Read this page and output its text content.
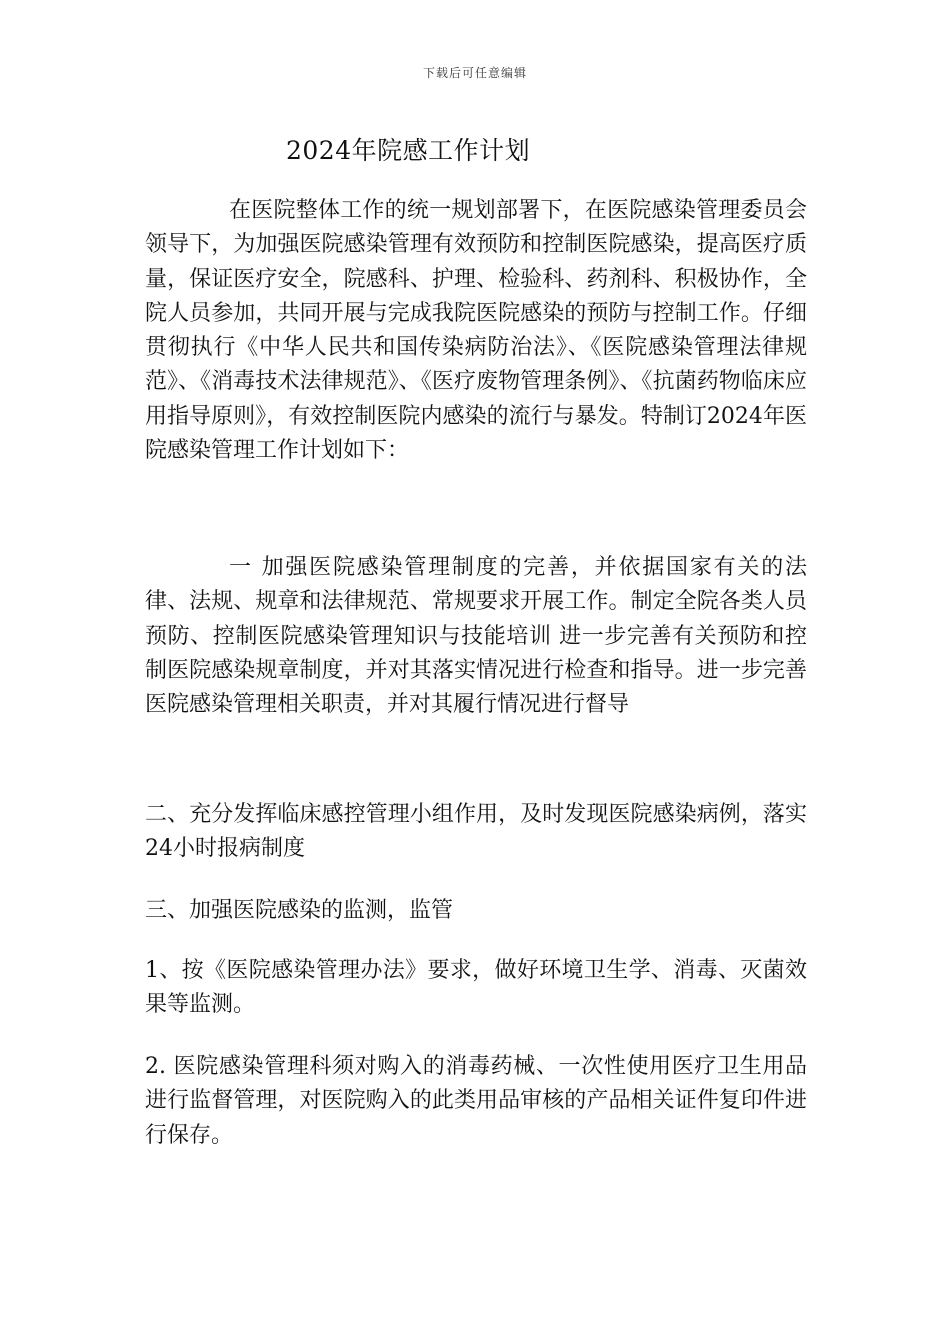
下载后可任意编辑
2024年院感工作计划

在医院整体工作的统一规划部署下，在医院感染管理委员会领导下，为加强医院感染管理有效预防和控制医院感染，提高医疗质量，保证医疗安全，院感科、护理、检验科、药剂科、积极协作，全院人员参加，共同开展与完成我院医院感染的预防与控制工作。仔细贯彻执行《中华人民共和国传染病防治法》、《医院感染管理法律规范》、《消毒技术法律规范》、《医疗废物管理条例》、《抗菌药物临床应用指导原则》，有效控制医院内感染的流行与暴发。特制订2024年医院感染管理工作计划如下：

一 加强医院感染管理制度的完善，并依据国家有关的法律、法规、规章和法律规范、常规要求开展工作。制定全院各类人员预防、控制医院感染管理知识与技能培训 进一步完善有关预防和控制医院感染规章制度，并对其落实情况进行检查和指导。进一步完善医院感染管理相关职责，并对其履行情况进行督导

二、充分发挥临床感控管理小组作用，及时发现医院感染病例，落实24小时报病制度

三、加强医院感染的监测，监管

1、按《医院感染管理办法》要求，做好环境卫生学、消毒、灭菌效果等监测。

2. 医院感染管理科须对购入的消毒药械、一次性使用医疗卫生用品进行监督管理，对医院购入的此类用品审核的产品相关证件复印件进行保存。
